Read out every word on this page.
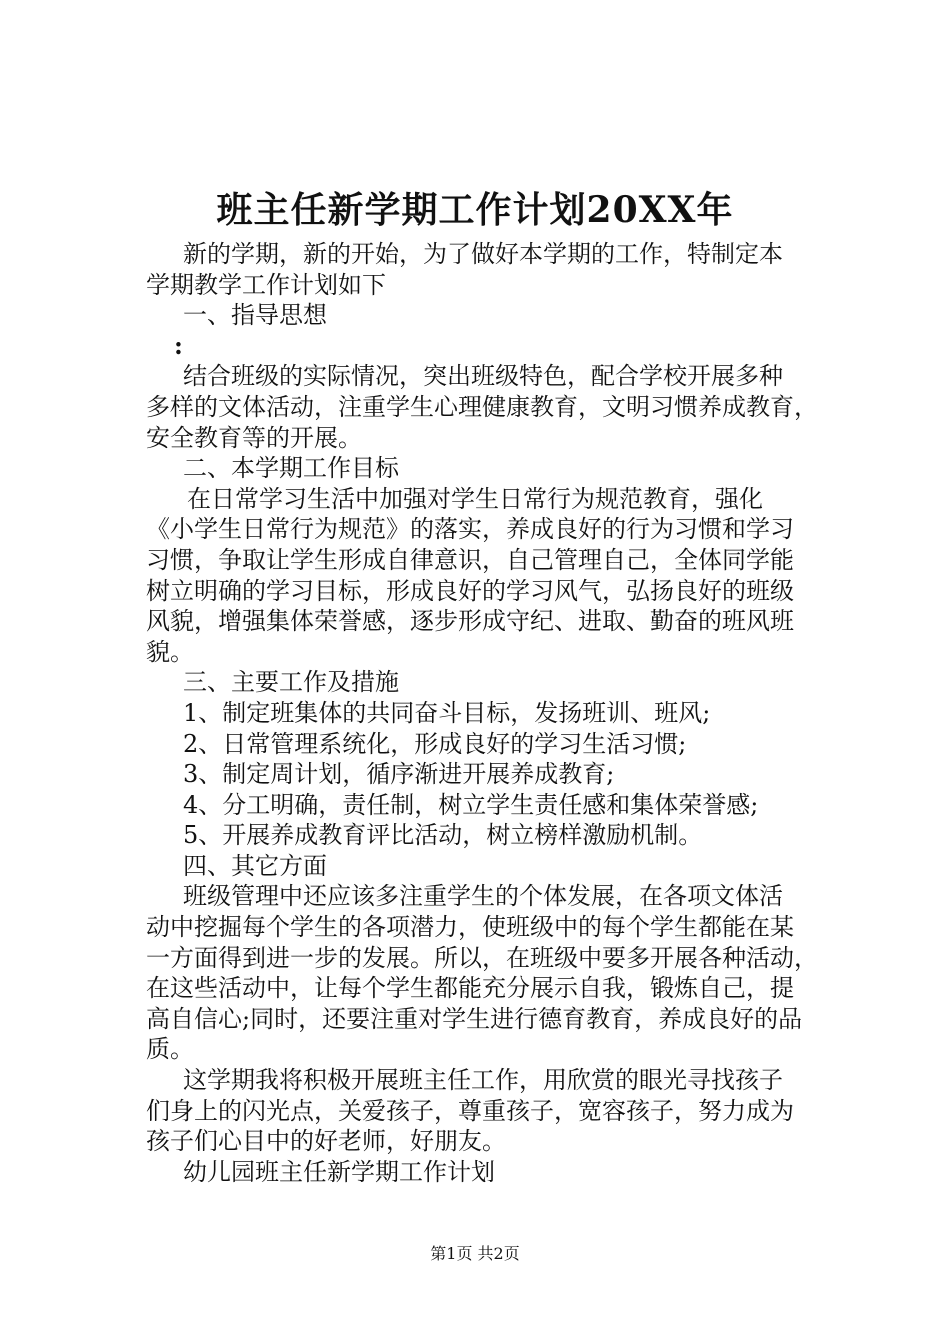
班主任新学期工作计划20XX年
新的学期，新的开始，为了做好本学期的工作，特制定本
学期教学工作计划如下
一、指导思想
:
结合班级的实际情况，突出班级特色，配合学校开展多种
多样的文体活动，注重学生心理健康教育，文明习惯养成教育，
安全教育等的开展。
二、本学期工作目标
在日常学习生活中加强对学生日常行为规范教育，强化
《小学生日常行为规范》的落实，养成良好的行为习惯和学习
习惯，争取让学生形成自律意识，自己管理自己，全体同学能
树立明确的学习目标，形成良好的学习风气，弘扬良好的班级
风貌，增强集体荣誉感，逐步形成守纪、进取、勤奋的班风班
貌。
三、主要工作及措施
1、制定班集体的共同奋斗目标，发扬班训、班风;
2、日常管理系统化，形成良好的学习生活习惯;
3、制定周计划，循序渐进开展养成教育;
4、分工明确，责任制，树立学生责任感和集体荣誉感;
5、开展养成教育评比活动，树立榜样激励机制。
四、其它方面
班级管理中还应该多注重学生的个体发展，在各项文体活
动中挖掘每个学生的各项潜力，使班级中的每个学生都能在某
一方面得到进一步的发展。所以，在班级中要多开展各种活动，
在这些活动中，让每个学生都能充分展示自我，锻炼自己，提
高自信心;同时，还要注重对学生进行德育教育，养成良好的品
质。
这学期我将积极开展班主任工作，用欣赏的眼光寻找孩子
们身上的闪光点，关爱孩子，尊重孩子，宽容孩子，努力成为
孩子们心目中的好老师，好朋友。
幼儿园班主任新学期工作计划
第1页 共2页
